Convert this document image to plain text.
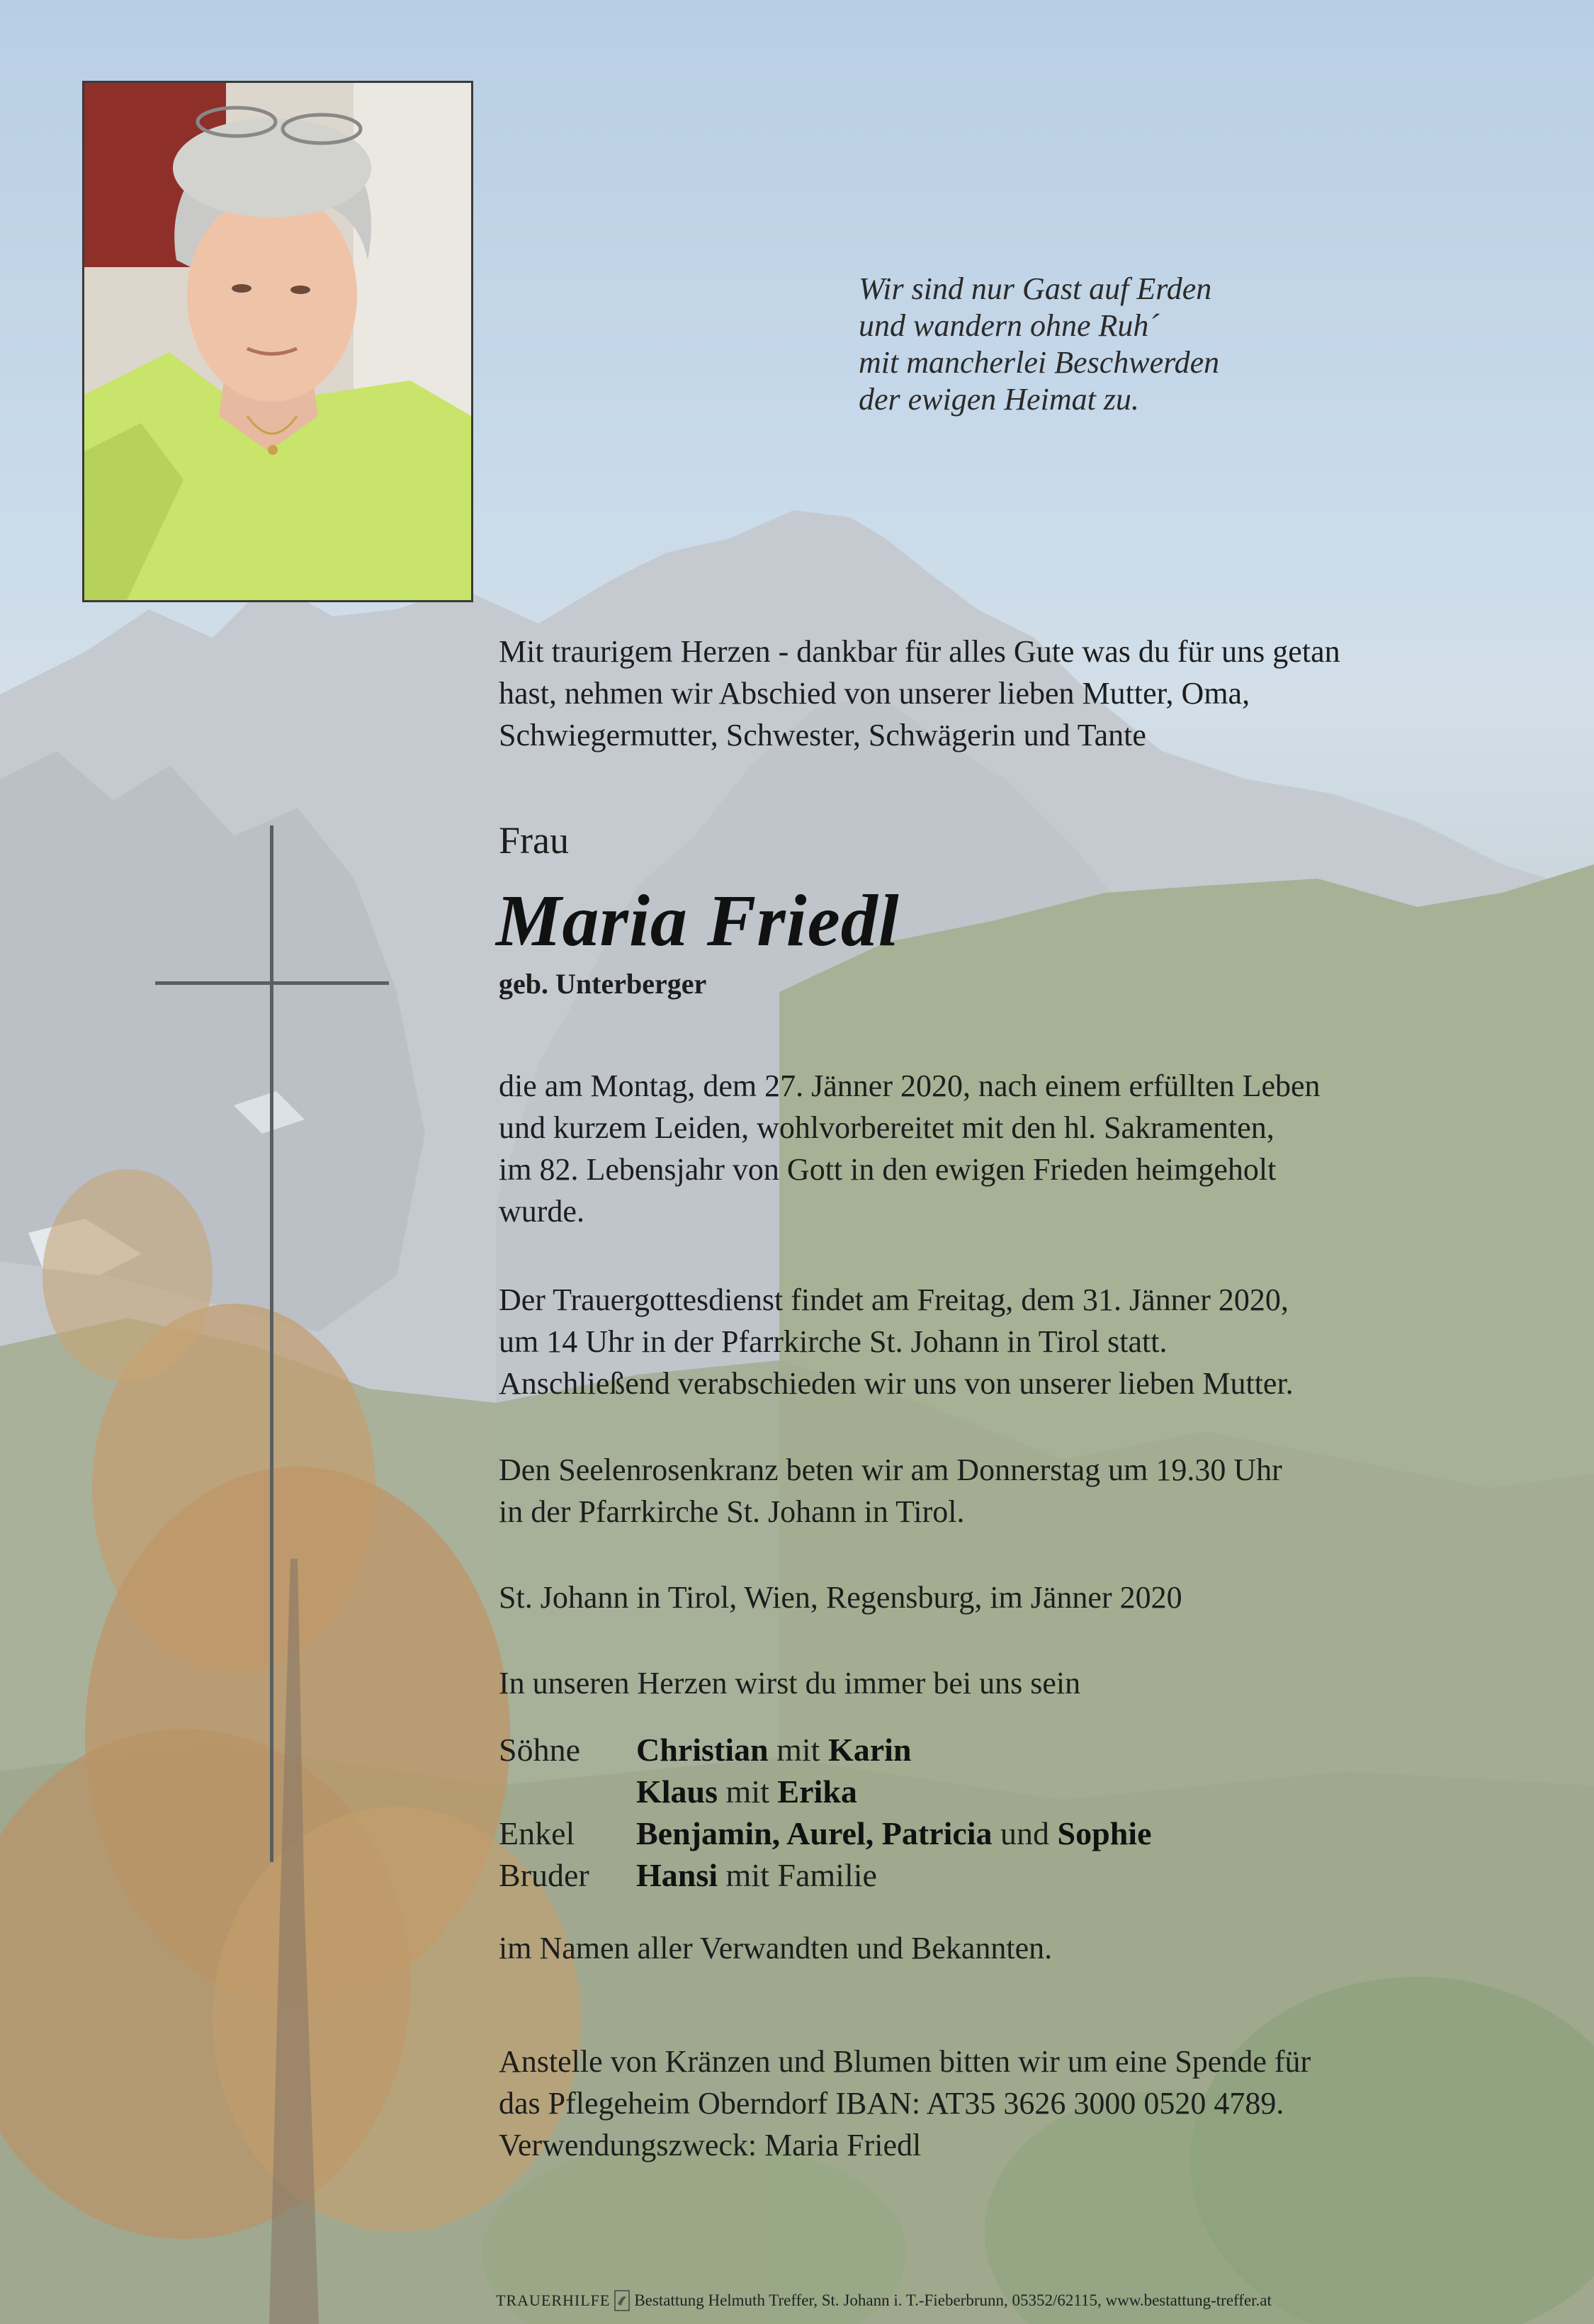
Wir sind nur Gast auf Erden
und wandern ohne Ruh´
mit mancherlei Beschwerden
der ewigen Heimat zu.
Mit traurigem Herzen - dankbar für alles Gute was du für uns getan
hast, nehmen wir Abschied von unserer lieben Mutter, Oma,
Schwiegermutter, Schwester, Schwägerin und Tante
Frau
Maria Friedl
geb. Unterberger
die am Montag, dem 27. Jänner 2020, nach einem erfüllten Leben
und kurzem Leiden, wohlvorbereitet mit den hl. Sakramenten,
im 82. Lebensjahr von Gott in den ewigen Frieden heimgeholt
wurde.
Der Trauergottesdienst findet am Freitag, dem 31. Jänner 2020,
um 14 Uhr in der Pfarrkirche St. Johann in Tirol statt.
Anschließend verabschieden wir uns von unserer lieben Mutter.
Den Seelenrosenkranz beten wir am Donnerstag um 19.30 Uhr
in der Pfarrkirche St. Johann in Tirol.
St. Johann in Tirol, Wien, Regensburg, im Jänner 2020
In unseren Herzen wirst du immer bei uns sein
Söhne	Christian mit Karin
Klaus mit Erika
Enkel	Benjamin, Aurel, Patricia und Sophie
Bruder	Hansi mit Familie
im Namen aller Verwandten und Bekannten.
Anstelle von Kränzen und Blumen bitten wir um eine Spende für
das Pflegeheim Oberndorf IBAN: AT35 3626 3000 0520 4789.
Verwendungszweck: Maria Friedl
TRAUERHILFE Bestattung Helmuth Treffer, St. Johann i. T.-Fieberbrunn, 05352/62115, www.bestattung-treffer.at
